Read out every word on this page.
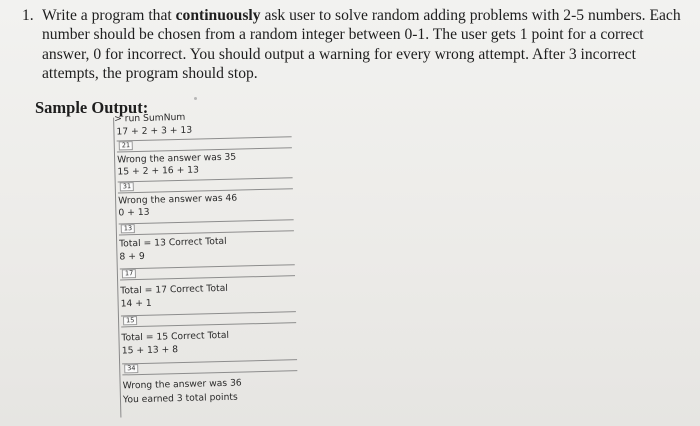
1. Write a program that continuously ask user to solve random adding problems with 2-5 numbers. Each number should be chosen from a random integer between 0-1. The user gets 1 point for a correct answer, 0 for incorrect. You should output a warning for every wrong attempt. After 3 incorrect attempts, the program should stop.
Sample Output:
> run SumNum
17 + 2 + 3 + 13
21
Wrong the answer was 35
15 + 2 + 16 + 13
31
Wrong the answer was 46
0 + 13
13
Total = 13 Correct Total
8 + 9
17
Total = 17 Correct Total
14 + 1
15
Total = 15 Correct Total
15 + 13 + 8
34
Wrong the answer was 36
You earned 3 total points
